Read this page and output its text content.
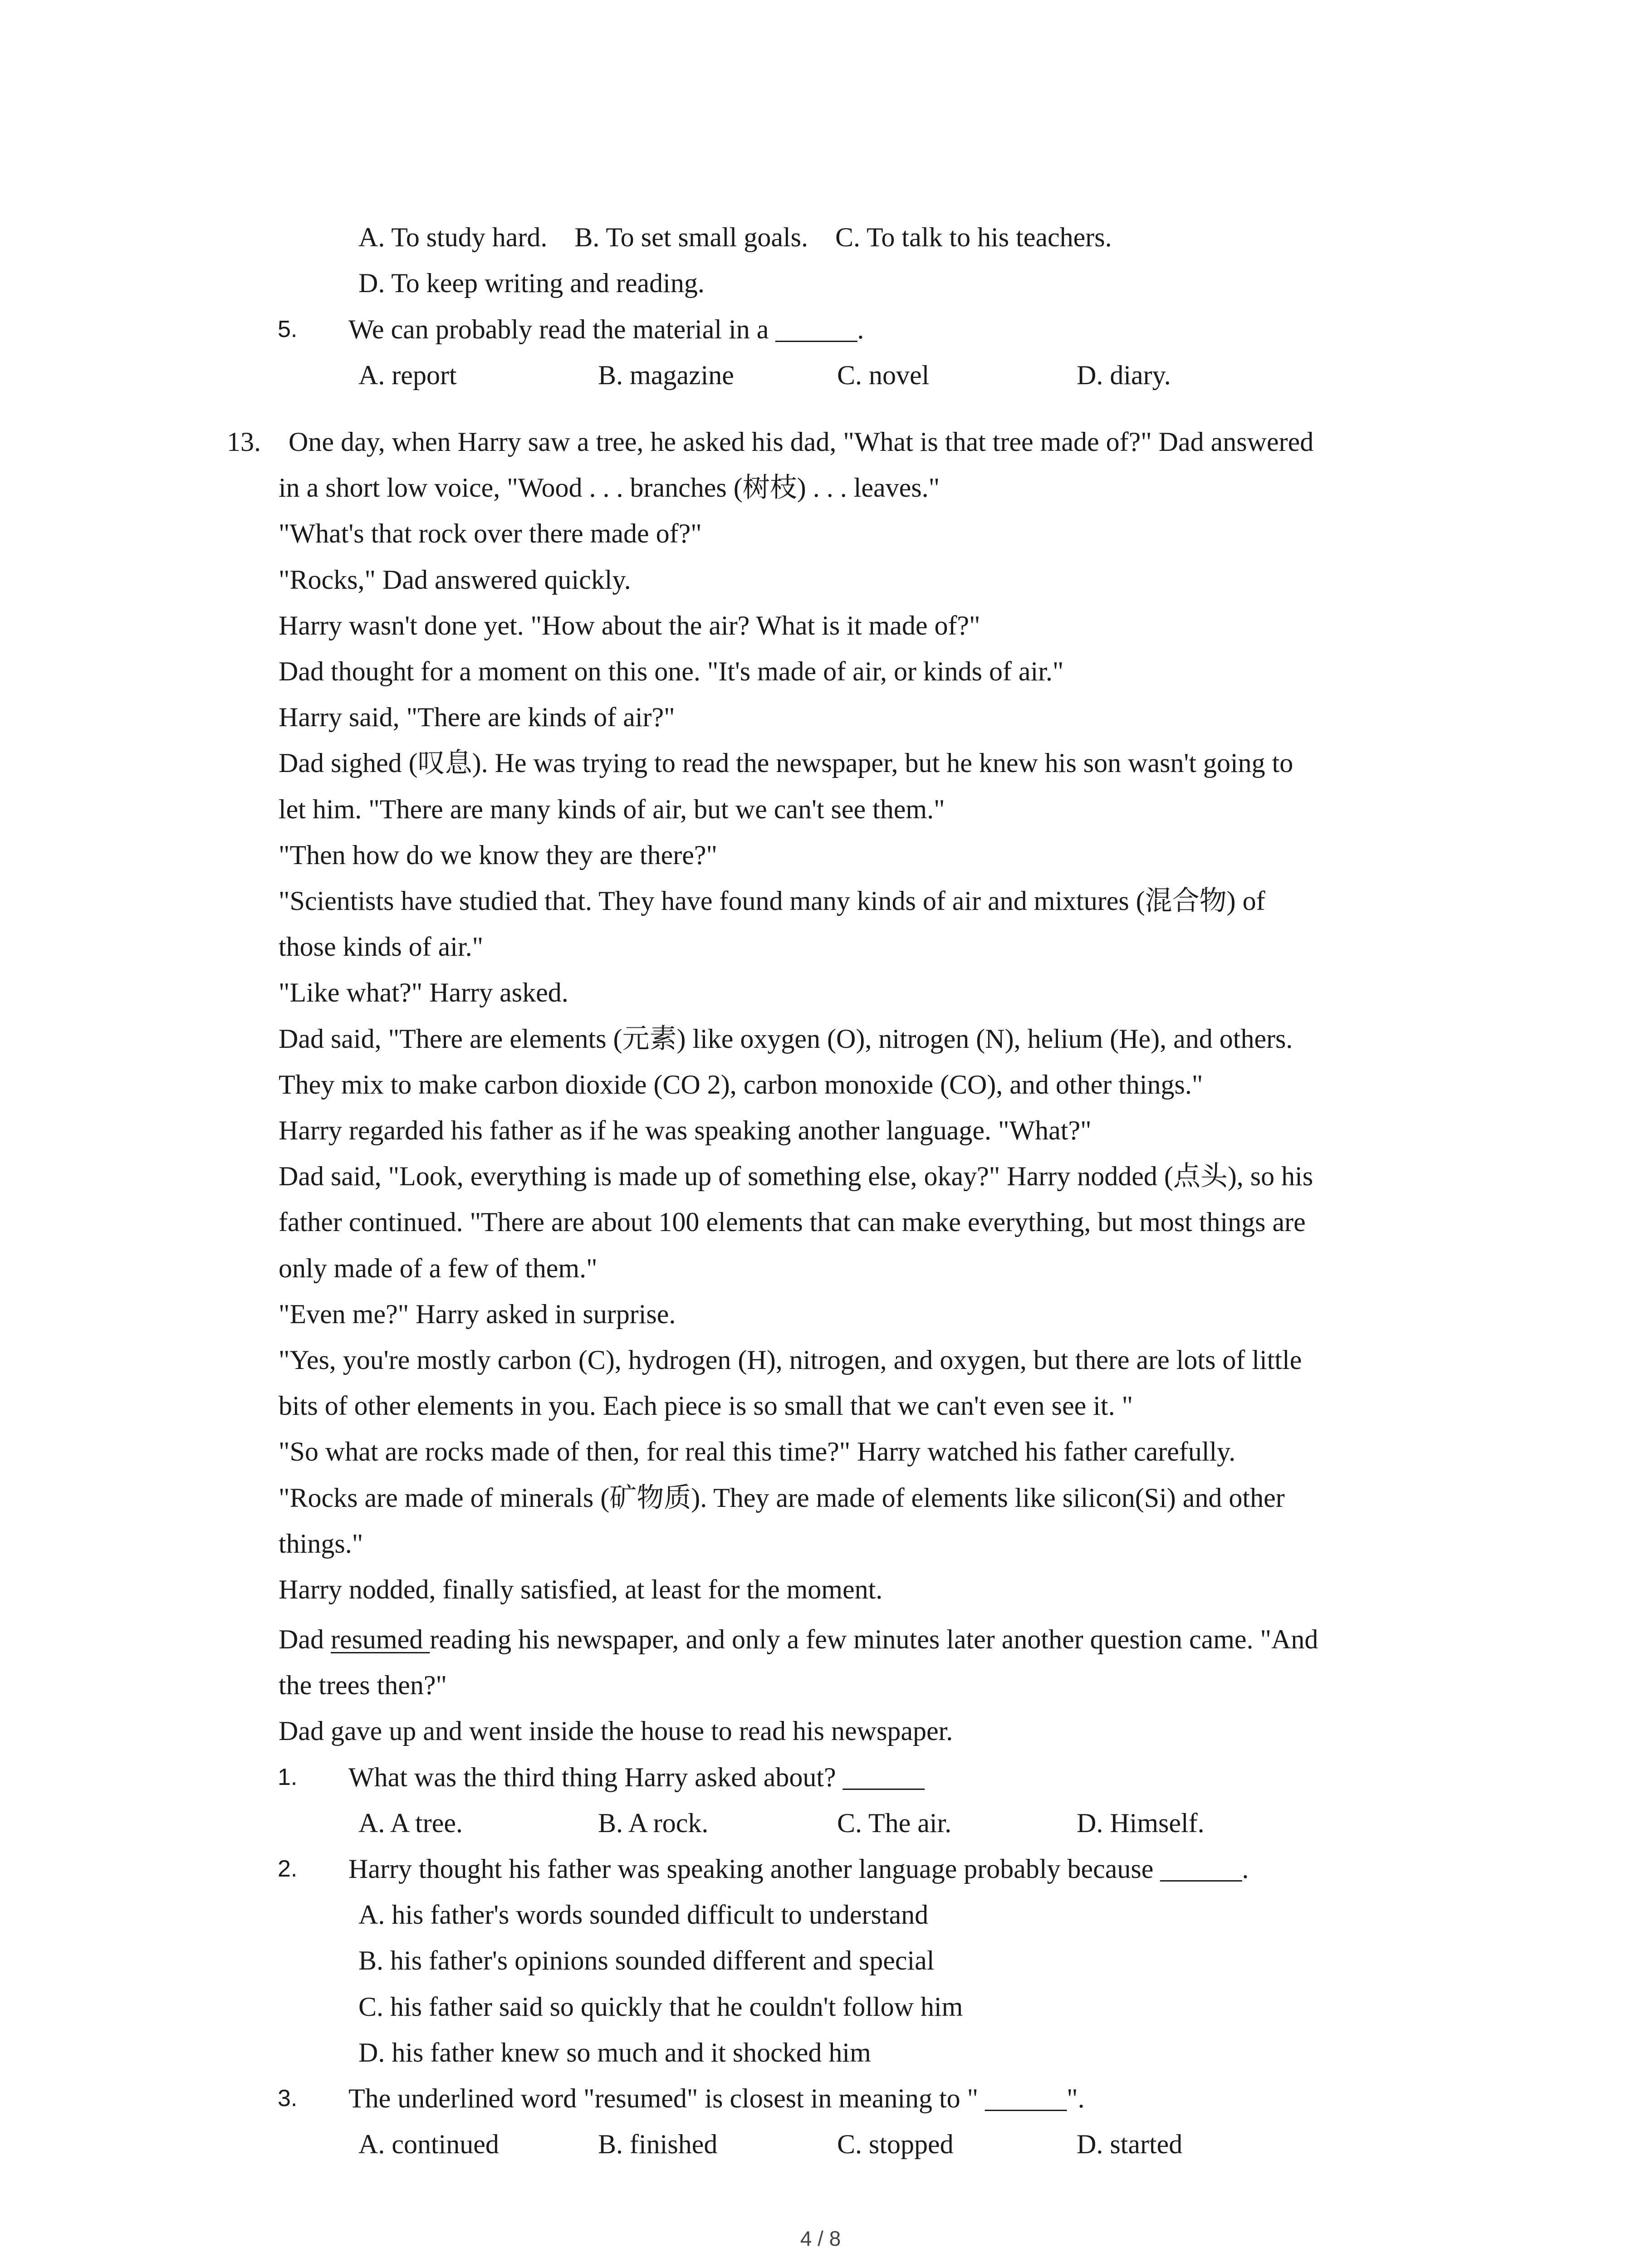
A. To study hard.    B. To set small goals.    C. To talk to his teachers.
D. To keep writing and reading.
5. We can probably read the material in a ______.
A. report	B. magazine	C. novel	D. diary.
13. One day, when Harry saw a tree, he asked his dad, "What is that tree made of?" Dad answered
in a short low voice, "Wood . . . branches (树枝) . . . leaves."
"What's that rock over there made of?"
"Rocks," Dad answered quickly.
Harry wasn't done yet. "How about the air? What is it made of?"
Dad thought for a moment on this one. "It's made of air, or kinds of air."
Harry said, "There are kinds of air?"
Dad sighed (叹息). He was trying to read the newspaper, but he knew his son wasn't going to
let him. "There are many kinds of air, but we can't see them."
"Then how do we know they are there?"
"Scientists have studied that. They have found many kinds of air and mixtures (混合物) of
those kinds of air."
"Like what?" Harry asked.
Dad said, "There are elements (元素) like oxygen (O), nitrogen (N), helium (He), and others.
They mix to make carbon dioxide (CO 2), carbon monoxide (CO), and other things."
Harry regarded his father as if he was speaking another language. "What?"
Dad said, "Look, everything is made up of something else, okay?" Harry nodded (点头), so his
father continued. "There are about 100 elements that can make everything, but most things are
only made of a few of them."
"Even me?" Harry asked in surprise.
"Yes, you're mostly carbon (C), hydrogen (H), nitrogen, and oxygen, but there are lots of little
bits of other elements in you. Each piece is so small that we can't even see it. "
"So what are rocks made of then, for real this time?" Harry watched his father carefully.
"Rocks are made of minerals (矿物质). They are made of elements like silicon(Si) and other
things."
Harry nodded, finally satisfied, at least for the moment.
Dad resumed reading his newspaper, and only a few minutes later another question came. "And
the trees then?"
Dad gave up and went inside the house to read his newspaper.
1. What was the third thing Harry asked about? ______
A. A tree.	B. A rock.	C. The air.	D. Himself.
2. Harry thought his father was speaking another language probably because ______.
A. his father's words sounded difficult to understand
B. his father's opinions sounded different and special
C. his father said so quickly that he couldn't follow him
D. his father knew so much and it shocked him
3. The underlined word "resumed" is closest in meaning to " ______".
A. continued	B. finished	C. stopped	D. started
4 / 8
